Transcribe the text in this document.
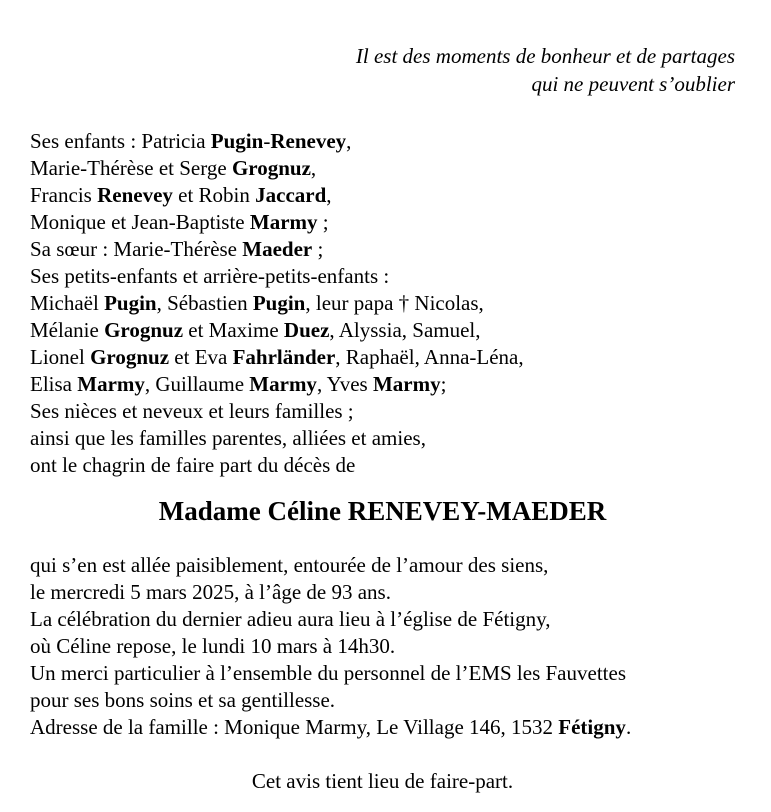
Il est des moments de bonheur et de partages
qui ne peuvent s’oublier
Ses enfants : Patricia Pugin-Renevey,
Marie-Thérèse et Serge Grognuz,
Francis Renevey et Robin Jaccard,
Monique et Jean-Baptiste Marmy ;
Sa sœur : Marie-Thérèse Maeder ;
Ses petits-enfants et arrière-petits-enfants :
Michaël Pugin, Sébastien Pugin, leur papa † Nicolas,
Mélanie Grognuz et Maxime Duez, Alyssia, Samuel,
Lionel Grognuz et Eva Fahrländer, Raphaël, Anna-Léna,
Elisa Marmy, Guillaume Marmy, Yves Marmy;
Ses nièces et neveux et leurs familles ;
ainsi que les familles parentes, alliées et amies,
ont le chagrin de faire part du décès de
Madame Céline RENEVEY-MAEDER
qui s’en est allée paisiblement, entourée de l’amour des siens,
le mercredi 5 mars 2025, à l’âge de 93 ans.
La célébration du dernier adieu aura lieu à l’église de Fétigny,
où Céline repose, le lundi 10 mars à 14h30.
Un merci particulier à l’ensemble du personnel de l’EMS les Fauvettes
pour ses bons soins et sa gentillesse.
Adresse de la famille : Monique Marmy, Le Village 146, 1532 Fétigny.
Cet avis tient lieu de faire-part.
